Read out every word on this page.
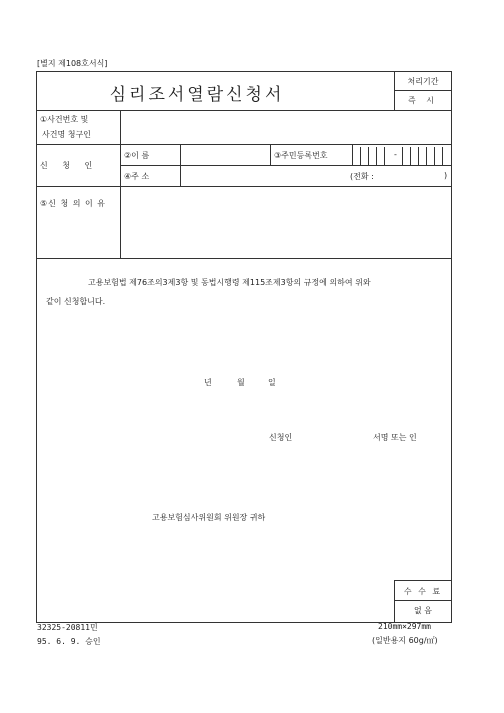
[별지 제108호서식]
심리조서열람신청서
처리기간
즉 시
①사건번호 및
사건명 청구인
신 청 인
②이 름	③주민등록번호	-
④주 소	(전화 :	)
⑤신 청 의 이 유
고용보험법 제76조의3제3항 및 동법시행령 제115조제3항의 규정에 의하여 위와
같이 신청합니다.
년	월	일
신청인	서명 또는 인
고용보험심사위원회 위원장 귀하
수 수 료
없 음
32325-20811민
95. 6. 9. 승인
210mm×297mm
(일반용지 60g/㎡)
